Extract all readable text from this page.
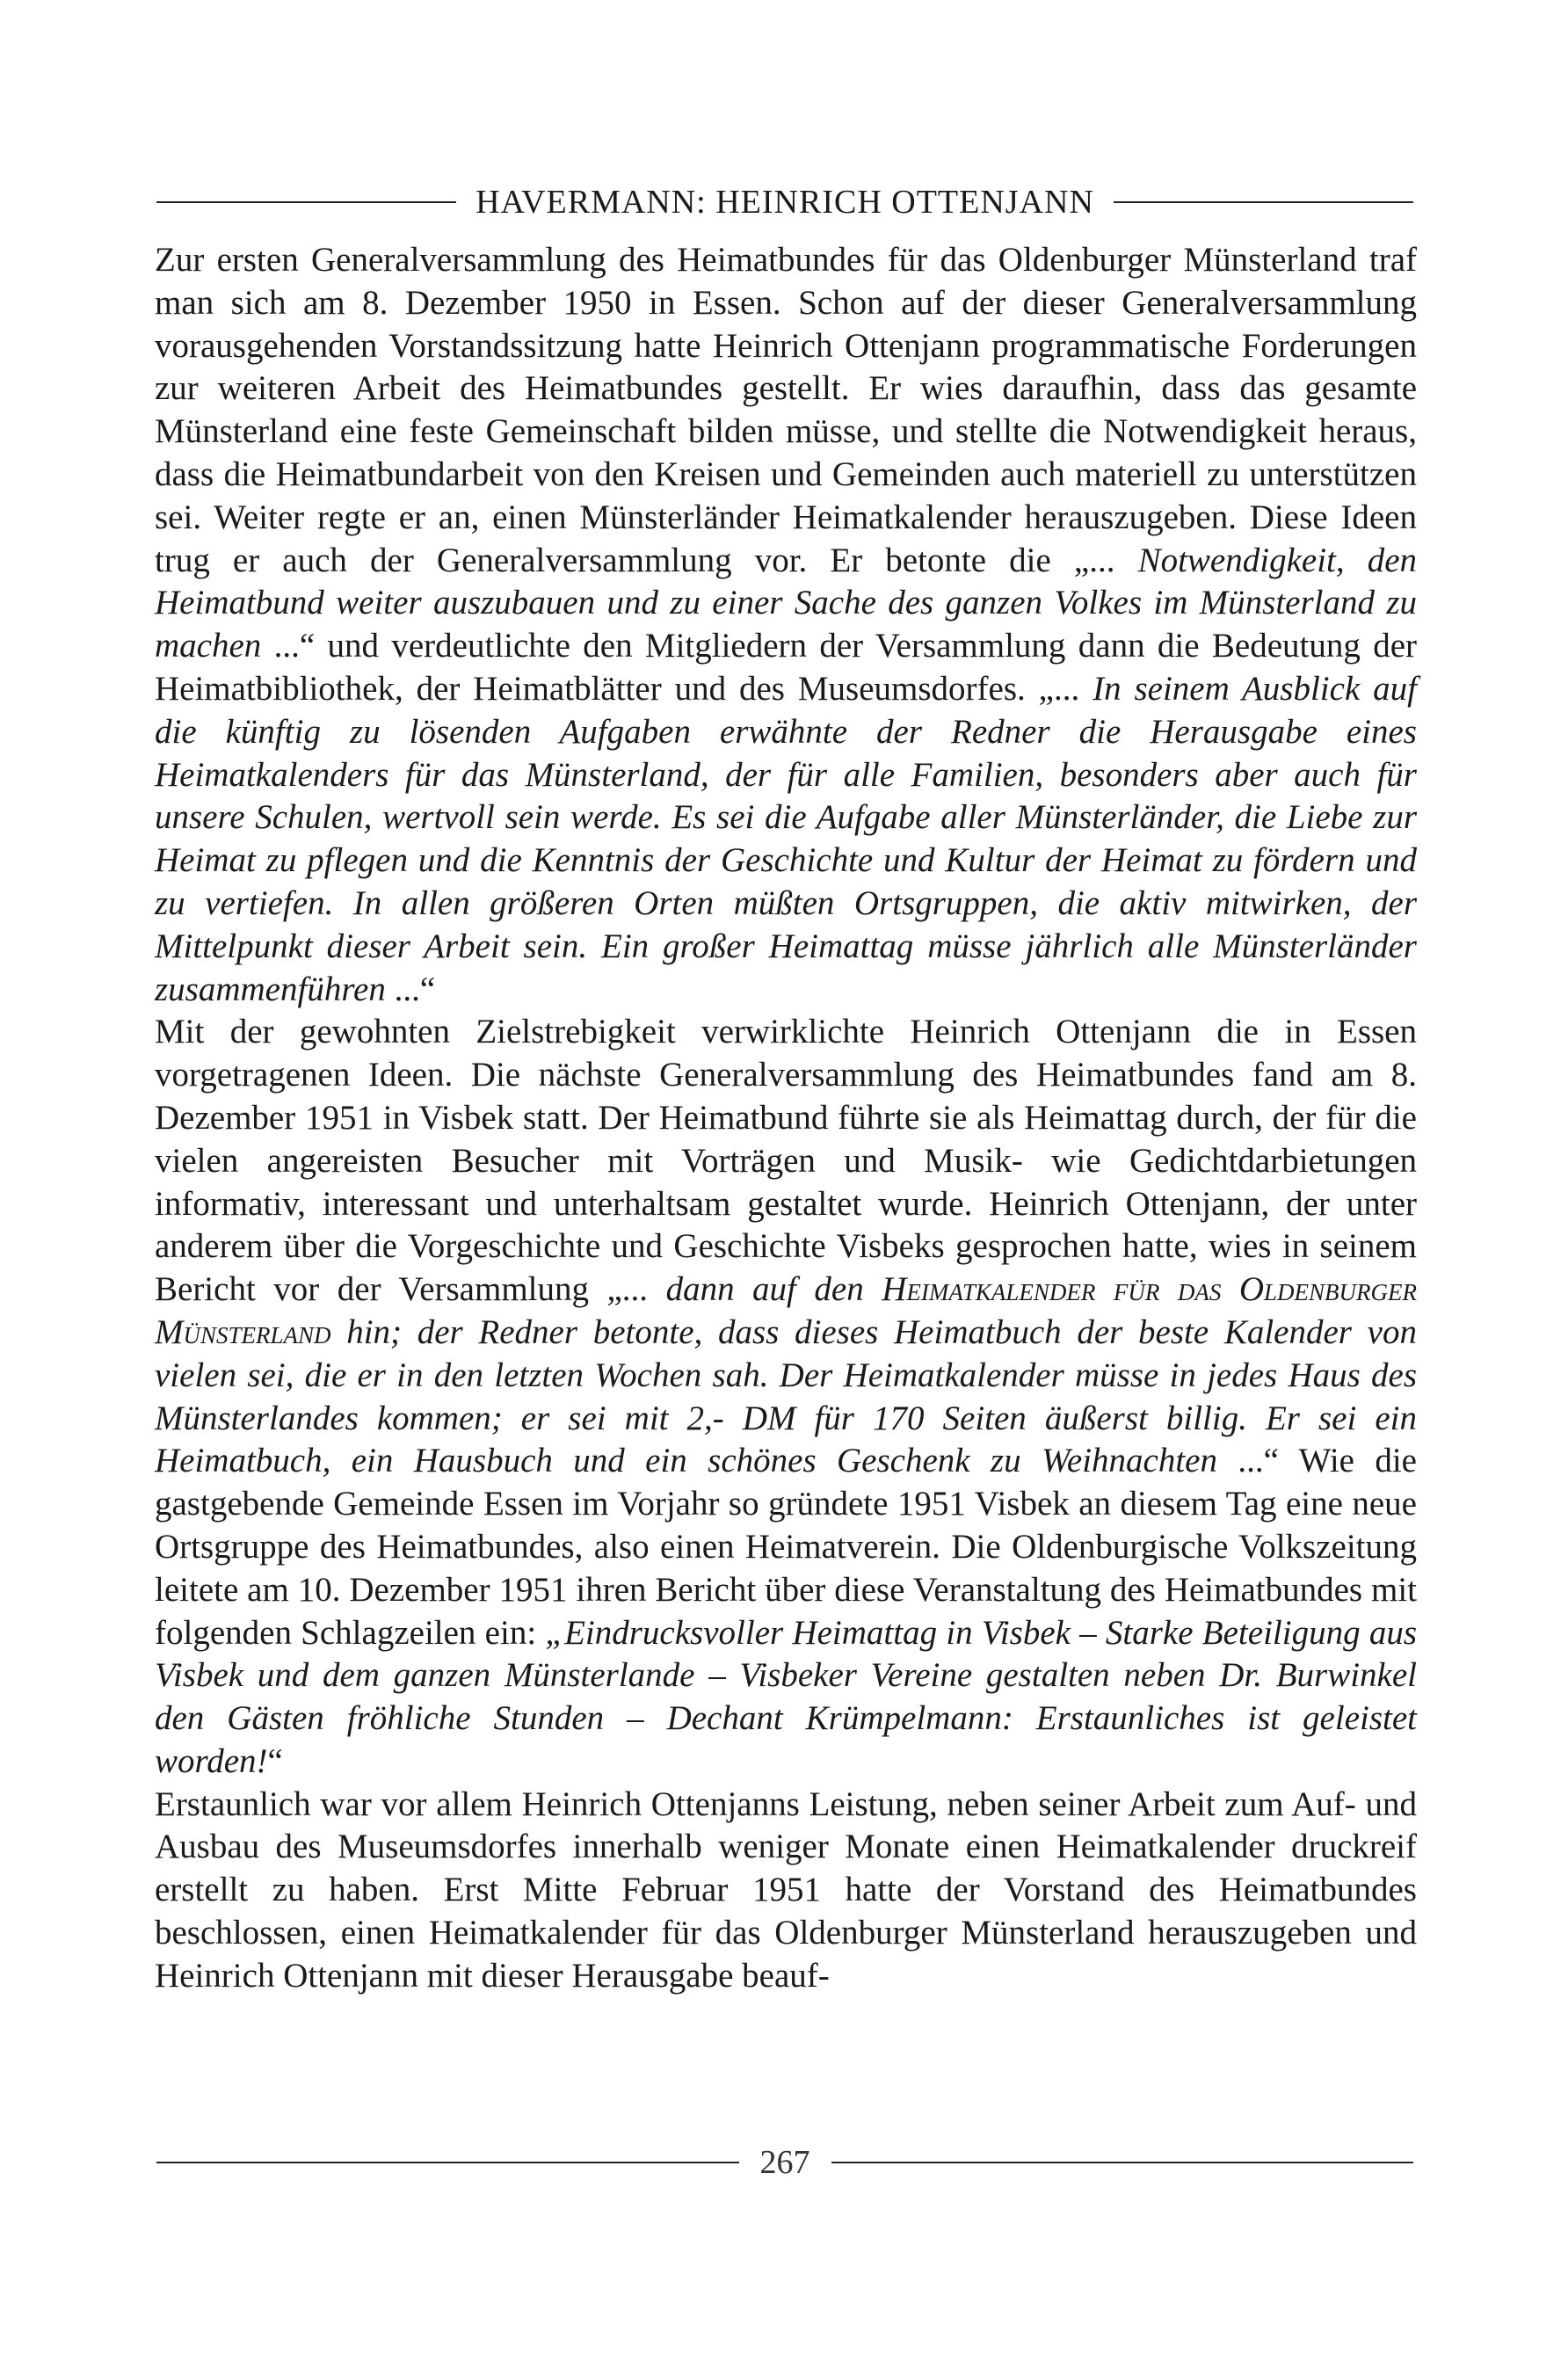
HAVERMANN: HEINRICH OTTENJANN

Zur ersten Generalversammlung des Heimatbundes für das Oldenburger Münsterland traf man sich am 8. Dezember 1950 in Essen. Schon auf der dieser Generalversammlung vorausgehenden Vorstandssitzung hatte Heinrich Ottenjann programmatische Forderungen zur weiteren Arbeit des Heimatbundes gestellt. Er wies daraufhin, dass das gesamte Münsterland eine feste Gemeinschaft bilden müsse, und stellte die Notwendigkeit heraus, dass die Heimatbundarbeit von den Kreisen und Gemeinden auch materiell zu unterstützen sei. Weiter regte er an, einen Münsterländer Heimatkalender herauszugeben. Diese Ideen trug er auch der Generalversammlung vor. Er betonte die „... Notwendigkeit, den Heimatbund weiter auszubauen und zu einer Sache des ganzen Volkes im Münsterland zu machen ...“ und verdeutlichte den Mitgliedern der Versammlung dann die Bedeutung der Heimatbibliothek, der Heimatblätter und des Museumsdorfes. „... In seinem Ausblick auf die künftig zu lösenden Aufgaben erwähnte der Redner die Herausgabe eines Heimatkalenders für das Münsterland, der für alle Familien, besonders aber auch für unsere Schulen, wertvoll sein werde. Es sei die Aufgabe aller Münsterländer, die Liebe zur Heimat zu pflegen und die Kenntnis der Geschichte und Kultur der Heimat zu fördern und zu vertiefen. In allen größeren Orten müßten Ortsgruppen, die aktiv mitwirken, der Mittelpunkt dieser Arbeit sein. Ein großer Heimattag müsse jährlich alle Münsterländer zusammenführen ...“

Mit der gewohnten Zielstrebigkeit verwirklichte Heinrich Ottenjann die in Essen vorgetragenen Ideen. Die nächste Generalversammlung des Heimatbundes fand am 8. Dezember 1951 in Visbek statt. Der Heimatbund führte sie als Heimattag durch, der für die vielen angereisten Besucher mit Vorträgen und Musik- wie Gedichtdarbietungen informativ, interessant und unterhaltsam gestaltet wurde. Heinrich Ottenjann, der unter anderem über die Vorgeschichte und Geschichte Visbeks gesprochen hatte, wies in seinem Bericht vor der Versammlung „... dann auf den Heimatkalender für das Oldenburger Münsterland hin; der Redner betonte, dass dieses Heimatbuch der beste Kalender von vielen sei, die er in den letzten Wochen sah. Der Heimatkalender müsse in jedes Haus des Münsterlandes kommen; er sei mit 2,- DM für 170 Seiten äußerst billig. Er sei ein Heimatbuch, ein Hausbuch und ein schönes Geschenk zu Weihnachten ...“ Wie die gastgebende Gemeinde Essen im Vorjahr so gründete 1951 Visbek an diesem Tag eine neue Ortsgruppe des Heimatbundes, also einen Heimatverein. Die Oldenburgische Volkszeitung leitete am 10. Dezember 1951 ihren Bericht über diese Veranstaltung des Heimatbundes mit folgenden Schlagzeilen ein: „Eindrucksvoller Heimattag in Visbek – Starke Beteiligung aus Visbek und dem ganzen Münsterlande – Visbeker Vereine gestalten neben Dr. Burwinkel den Gästen fröhliche Stunden – Dechant Krümpelmann: Erstaunliches ist geleistet worden!“

Erstaunlich war vor allem Heinrich Ottenjanns Leistung, neben seiner Arbeit zum Auf- und Ausbau des Museumsdorfes innerhalb weniger Monate einen Heimatkalender druckreif erstellt zu haben. Erst Mitte Februar 1951 hatte der Vorstand des Heimatbundes beschlossen, einen Heimatkalender für das Oldenburger Münsterland herauszugeben und Heinrich Ottenjann mit dieser Herausgabe beauf-

267
